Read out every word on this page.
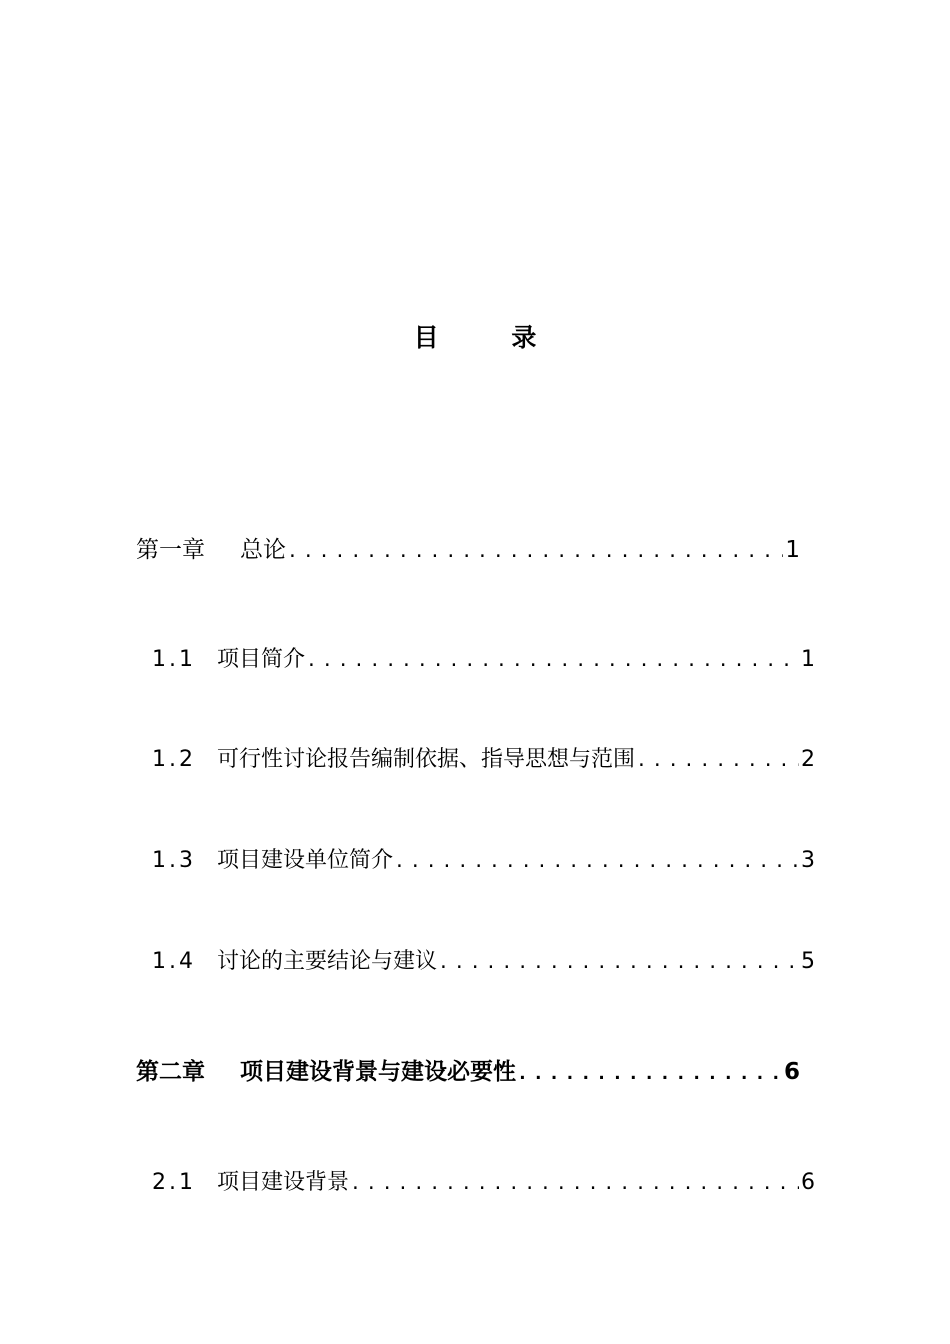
目 录
第一章	总论 .....	1
1.1 项目简介 .....	1
1.2 可行性讨论报告编制依据、指导思想与范围 .....	2
1.3 项目建设单位简介 .....	3
1.4 讨论的主要结论与建议 .....	5
第二章	项目建设背景与建设必要性 .....	6
2.1 项目建设背景 .....	6
